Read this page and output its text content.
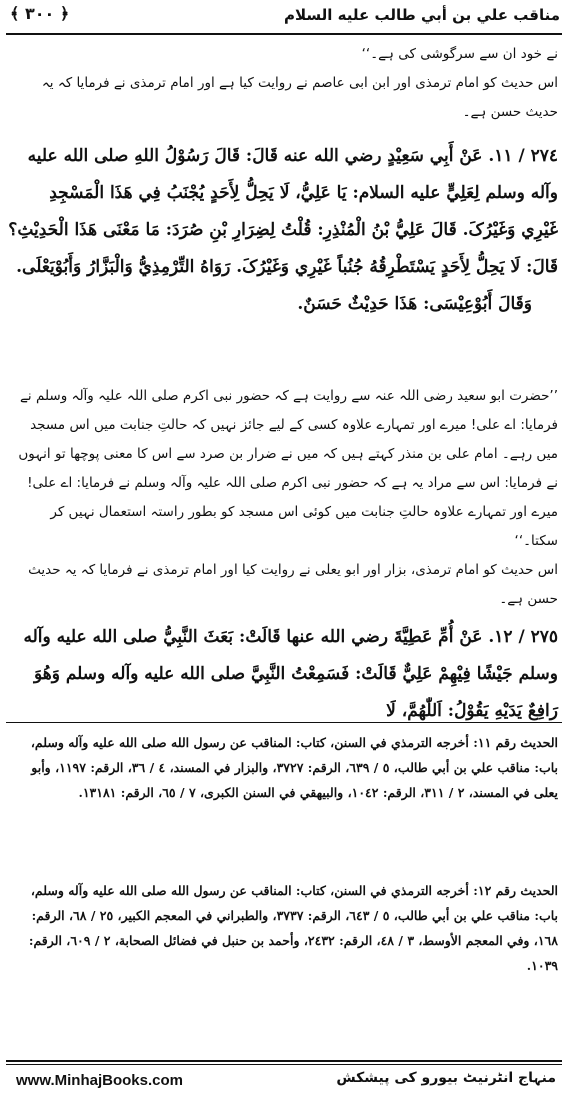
مناقب علي بن أبي طالب عليه السلام
﴿ ٣٠٠ ﴾
نے خود ان سے سرگوشی کی ہے۔‘‘
اس حدیث کو امام ترمذی اور ابن ابی عاصم نے روایت کیا ہے اور امام ترمذی نے فرمایا کہ یہ حدیث حسن ہے۔
٢٧٤ / ١١. عَنْ أَبِي سَعِيْدٍ رضي الله عنه قَالَ: قَالَ رَسُوْلُ اللهِ صلى الله عليه وآله وسلم لِعَلِيٍّ عليه السلام: يَا عَلِيُّ، لَا يَحِلُّ لِأَحَدٍ يُجْنَبُ فِي هَذَا الْمَسْجِدِ غَيْرِي وَغَيْرُکَ. قَالَ عَلِيُّ بْنُ الْمُنْذِرِ: قُلْتُ لِضِرَارِ بْنِ صُرَدَ: مَا مَعْنَى هَذَا الْحَدِيْثِ؟ قَالَ: لَا يَحِلُّ لِأَحَدٍ يَسْتَطْرِقُهُ جُنُباً غَيْرِي وَغَيْرُکَ. رَوَاهُ التِّرْمِذِيُّ وَالْبَزَّارُ وَأَبُوْيَعْلَى.
وَقَالَ أَبُوْعِيْسَى: هَذَا حَدِيْثٌ حَسَنٌ.
’’حضرت ابو سعید رضی اللہ عنہ سے روایت ہے کہ حضور نبی اکرم صلی اللہ علیہ وآلہ وسلم نے فرمایا: اے علی! میرے اور تمہارے علاوہ کسی کے لیے جائز نہیں کہ حالتِ جنابت میں اس مسجد میں رہے۔ امام علی بن منذر کہتے ہیں کہ میں نے ضرار بن صرد سے اس کا معنی پوچھا تو انہوں نے فرمایا: اس سے مراد یہ ہے کہ حضور نبی اکرم صلی اللہ علیہ وآلہ وسلم نے فرمایا: اے علی! میرے اور تمہارے علاوہ حالتِ جنابت میں کوئی اس مسجد کو بطور راستہ استعمال نہیں کر سکتا۔‘‘
اس حدیث کو امام ترمذی، بزار اور ابو یعلی نے روایت کیا اور امام ترمذی نے فرمایا کہ یہ حدیث حسن ہے۔
٢٧٥ / ١٢. عَنْ أُمِّ عَطِيَّةَ رضي الله عنها قَالَتْ: بَعَثَ النَّبِيُّ صلى الله عليه وآله وسلم جَيْشًا فِيْهِمْ عَلِيٌّ قَالَتْ: فَسَمِعْتُ النَّبِيَّ صلى الله عليه وآله وسلم وَهُوَ رَافِعٌ يَدَيْهِ يَقُوْلُ: اَللّٰهُمَّ، لَا
الحديث رقم ١١: أخرجه الترمذي في السنن، كتاب: المناقب عن رسول الله صلى الله عليه وآله وسلم، باب: مناقب علي بن أبي طالب، ٥ / ٦٣٩، الرقم: ٣٧٢٧، والبزار في المسند، ٤ / ٣٦، الرقم: ١١٩٧، وأبو يعلى في المسند، ٢ / ٣١١، الرقم: ١٠٤٢، والبيهقي في السنن الكبرى، ٧ / ٦٥، الرقم: ١٣١٨١.
الحديث رقم ١٢: أخرجه الترمذي في السنن، كتاب: المناقب عن رسول الله صلى الله عليه وآله وسلم، باب: مناقب علي بن أبي طالب، ٥ / ٦٤٣، الرقم: ٣٧٣٧، والطبراني في المعجم الكبير، ٢٥ / ٦٨، الرقم: ١٦٨، وفي المعجم الأوسط، ٣ / ٤٨، الرقم: ٢٤٣٢، وأحمد بن حنبل في فضائل الصحابة، ٢ / ٦٠٩، الرقم: ١٠٣٩.
www.MinhajBooks.com	منہاج انٹرنیٹ بیورو کی پیشکش
